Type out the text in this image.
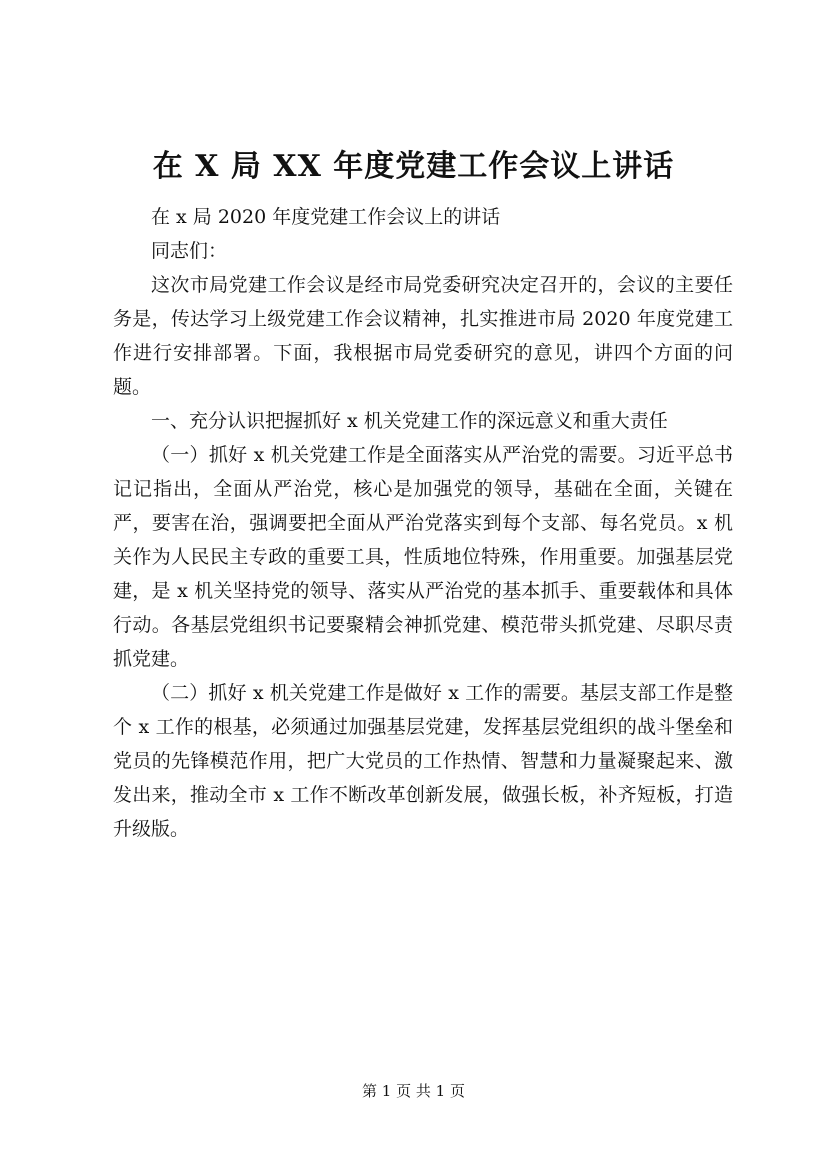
在 X 局 XX 年度党建工作会议上讲话

在 x 局 2020 年度党建工作会议上的讲话

同志们：

这次市局党建工作会议是经市局党委研究决定召开的，会议的主要任务是，传达学习上级党建工作会议精神，扎实推进市局 2020 年度党建工作进行安排部署。下面，我根据市局党委研究的意见，讲四个方面的问题。

一、充分认识把握抓好 x 机关党建工作的深远意义和重大责任

（一）抓好 x 机关党建工作是全面落实从严治党的需要。习近平总书记记指出，全面从严治党，核心是加强党的领导，基础在全面，关键在严，要害在治，强调要把全面从严治党落实到每个支部、每名党员。x 机关作为人民民主专政的重要工具，性质地位特殊，作用重要。加强基层党建，是 x 机关坚持党的领导、落实从严治党的基本抓手、重要载体和具体行动。各基层党组织书记要聚精会神抓党建、模范带头抓党建、尽职尽责抓党建。

（二）抓好 x 机关党建工作是做好 x 工作的需要。基层支部工作是整个 x 工作的根基，必须通过加强基层党建，发挥基层党组织的战斗堡垒和党员的先锋模范作用，把广大党员的工作热情、智慧和力量凝聚起来、激发出来，推动全市 x 工作不断改革创新发展，做强长板，补齐短板，打造升级版。

第 1 页 共 1 页
